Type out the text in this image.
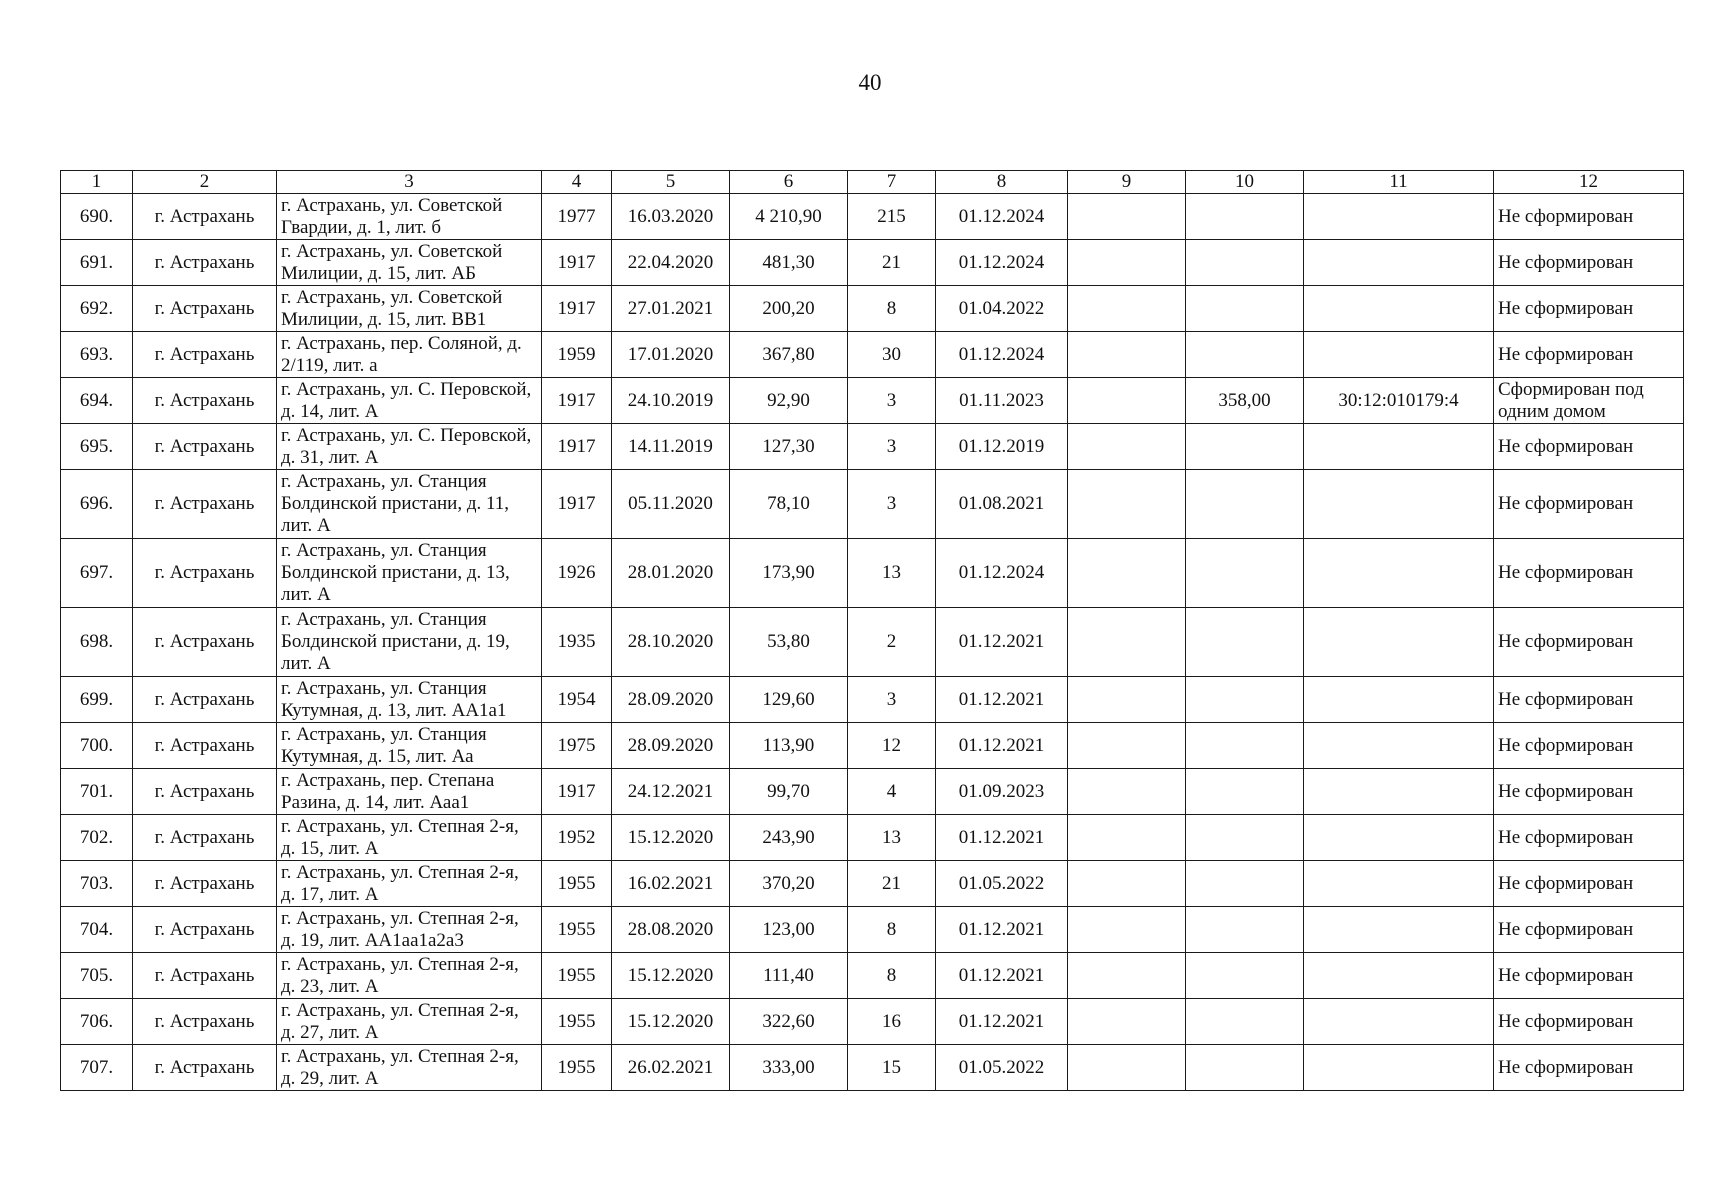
40
1	2	3	4	5	6	7	8	9	10	11	12
690.	г. Астрахань	г. Астрахань, ул. Советской Гвардии, д. 1, лит. б	1977	16.03.2020	4 210,90	215	01.12.2024				Не сформирован
691.	г. Астрахань	г. Астрахань, ул. Советской Милиции, д. 15, лит. АБ	1917	22.04.2020	481,30	21	01.12.2024				Не сформирован
692.	г. Астрахань	г. Астрахань, ул. Советской Милиции, д. 15, лит. ВВ1	1917	27.01.2021	200,20	8	01.04.2022				Не сформирован
693.	г. Астрахань	г. Астрахань, пер. Соляной, д. 2/119, лит. а	1959	17.01.2020	367,80	30	01.12.2024				Не сформирован
694.	г. Астрахань	г. Астрахань, ул. С. Перовской, д. 14, лит. А	1917	24.10.2019	92,90	3	01.11.2023		358,00	30:12:010179:4	Сформирован под одним домом
695.	г. Астрахань	г. Астрахань, ул. С. Перовской, д. 31, лит. А	1917	14.11.2019	127,30	3	01.12.2019				Не сформирован
696.	г. Астрахань	г. Астрахань, ул. Станция Болдинской пристани, д. 11, лит. А	1917	05.11.2020	78,10	3	01.08.2021				Не сформирован
697.	г. Астрахань	г. Астрахань, ул. Станция Болдинской пристани, д. 13, лит. А	1926	28.01.2020	173,90	13	01.12.2024				Не сформирован
698.	г. Астрахань	г. Астрахань, ул. Станция Болдинской пристани, д. 19, лит. А	1935	28.10.2020	53,80	2	01.12.2021				Не сформирован
699.	г. Астрахань	г. Астрахань, ул. Станция Кутумная, д. 13, лит. АА1а1	1954	28.09.2020	129,60	3	01.12.2021				Не сформирован
700.	г. Астрахань	г. Астрахань, ул. Станция Кутумная, д. 15, лит. Аа	1975	28.09.2020	113,90	12	01.12.2021				Не сформирован
701.	г. Астрахань	г. Астрахань, пер. Степана Разина, д. 14, лит. Ааа1	1917	24.12.2021	99,70	4	01.09.2023				Не сформирован
702.	г. Астрахань	г. Астрахань, ул. Степная 2-я, д. 15, лит. А	1952	15.12.2020	243,90	13	01.12.2021				Не сформирован
703.	г. Астрахань	г. Астрахань, ул. Степная 2-я, д. 17, лит. А	1955	16.02.2021	370,20	21	01.05.2022				Не сформирован
704.	г. Астрахань	г. Астрахань, ул. Степная 2-я, д. 19, лит. АА1аа1а2а3	1955	28.08.2020	123,00	8	01.12.2021				Не сформирован
705.	г. Астрахань	г. Астрахань, ул. Степная 2-я, д. 23, лит. А	1955	15.12.2020	111,40	8	01.12.2021				Не сформирован
706.	г. Астрахань	г. Астрахань, ул. Степная 2-я, д. 27, лит. А	1955	15.12.2020	322,60	16	01.12.2021				Не сформирован
707.	г. Астрахань	г. Астрахань, ул. Степная 2-я, д. 29, лит. А	1955	26.02.2021	333,00	15	01.05.2022				Не сформирован
